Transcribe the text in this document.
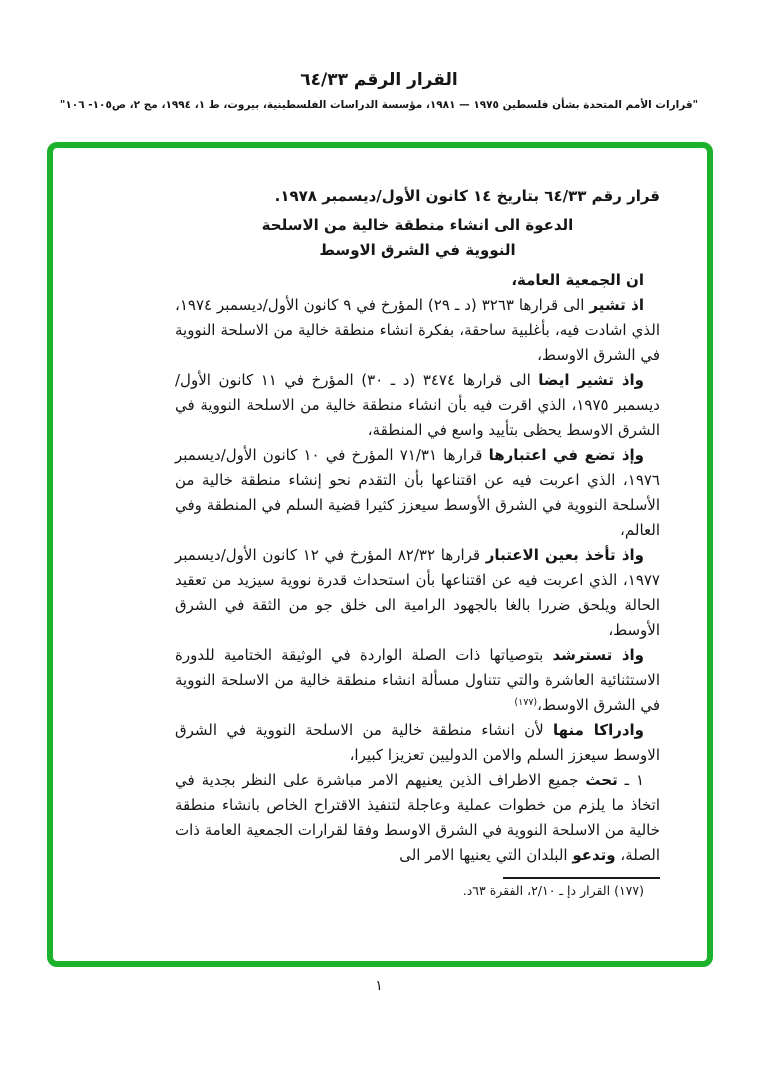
القرار الرقم ٦٤/٣٣
"قرارات الأمم المتحدة بشأن فلسطين ١٩٧٥ — ١٩٨١، مؤسسة الدراسات الفلسطينية، بيروت، ط ١، ١٩٩٤، مج ٢، ص١٠٥- ١٠٦"
قرار رقم ٦٤/٣٣ بتاريخ ١٤ كانون الأول/ديسمبر ١٩٧٨.
الدعوة الى انشاء منطقة خالية من الاسلحة
النووية في الشرق الاوسط

ان الجمعية العامة،

اذ تشير الى قرارها ٣٢٦٣ (د ـ ٢٩) المؤرخ في ٩ كانون الأول/ديسمبر ١٩٧٤، الذي اشادت فيه، بأغلبية ساحقة، بفكرة انشاء منطقة خالية من الاسلحة النووية في الشرق الاوسط،

واذ تشير ايضا الى قرارها ٣٤٧٤ (د ـ ٣٠) المؤرخ في ١١ كانون الأول/ديسمبر ١٩٧٥، الذي اقرت فيه بأن انشاء منطقة خالية من الاسلحة النووية في الشرق الاوسط يحظى بتأييد واسع في المنطقة،

وإذ تضع في اعتبارها قرارها ٧١/٣١ المؤرخ في ١٠ كانون الأول/ديسمبر ١٩٧٦، الذي اعربت فيه عن اقتناعها بأن التقدم نحو إنشاء منطقة خالية من الأسلحة النووية في الشرق الأوسط سيعزز كثيرا قضية السلم في المنطقة وفي العالم،

واذ تأخذ بعين الاعتبار قرارها ٨٢/٣٢ المؤرخ في ١٢ كانون الأول/ديسمبر ١٩٧٧، الذي اعربت فيه عن اقتناعها بأن استحداث قدرة نووية سيزيد من تعقيد الحالة ويلحق ضررا بالغا بالجهود الرامية الى خلق جو من الثقة في الشرق الأوسط،

واذ تسترشد بتوصياتها ذات الصلة الواردة في الوثيقة الختامية للدورة الاستثنائية العاشرة والتي تتناول مسألة انشاء منطقة خالية من الاسلحة النووية في الشرق الاوسط،$^{(١٧٧)}$

وادراكا منها لأن انشاء منطقة خالية من الاسلحة النووية في الشرق الاوسط سيعزز السلم والامن الدوليين تعزيزا كبيرا،

١ ـ تحث جميع الاطراف الذين يعنيهم الامر مباشرة على النظر بجدية في اتخاذ ما يلزم من خطوات عملية وعاجلة لتنفيذ الاقتراح الخاص بانشاء منطقة خالية من الاسلحة النووية في الشرق الاوسط وفقا لقرارات الجمعية العامة ذات الصلة، وتدعو البلدان التي يعنيها الامر الى

(١٧٧) القرار دإ ـ ٢/١٠، الفقرة ٦٣د.

١
